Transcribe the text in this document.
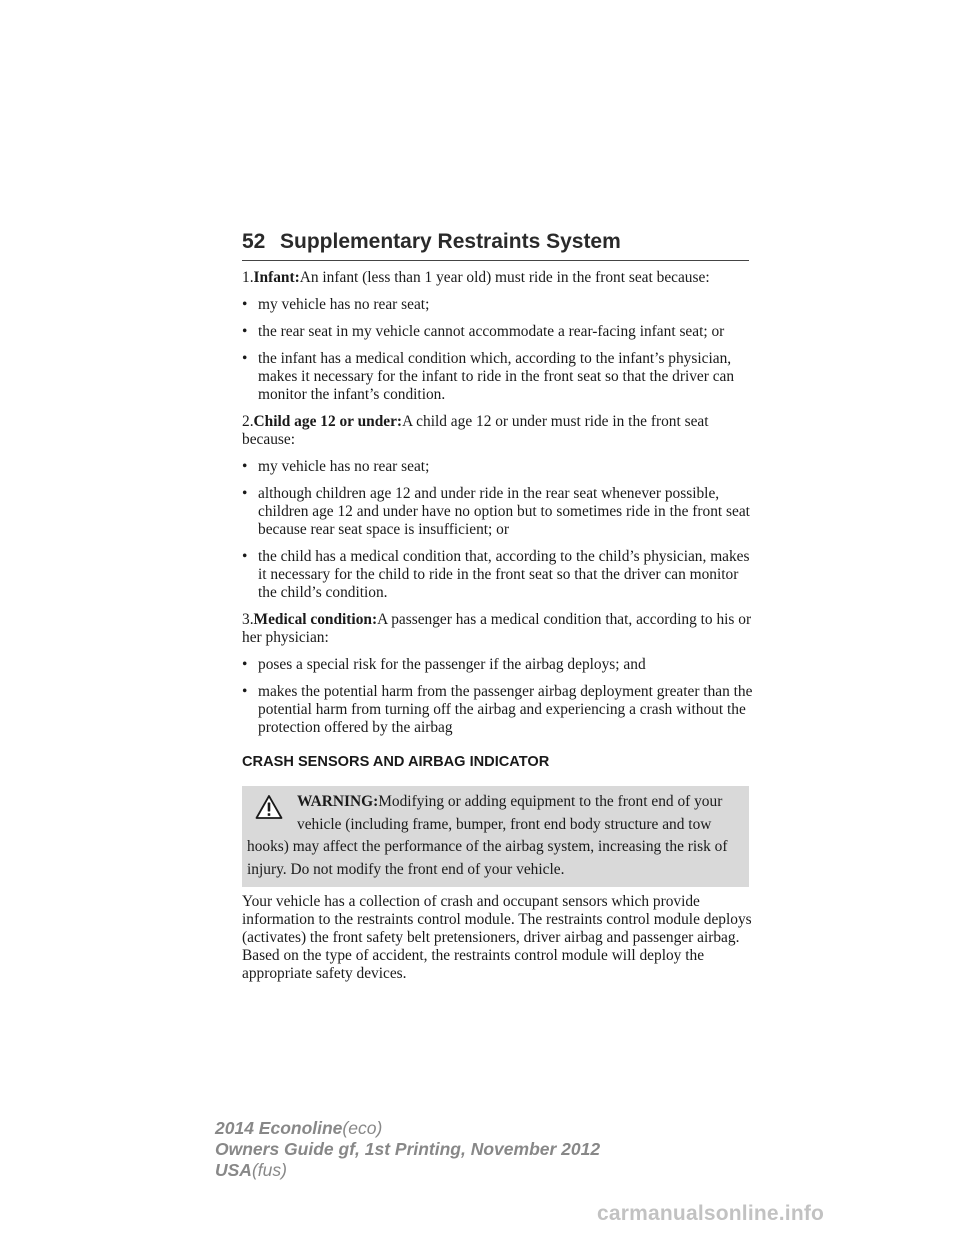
52 Supplementary Restraints System

1.Infant:An infant (less than 1 year old) must ride in the front seat because:

• my vehicle has no rear seat;
• the rear seat in my vehicle cannot accommodate a rear-facing infant seat; or
• the infant has a medical condition which, according to the infant’s physician, makes it necessary for the infant to ride in the front seat so that the driver can monitor the infant’s condition.

2.Child age 12 or under:A child age 12 or under must ride in the front seat because:

• my vehicle has no rear seat;
• although children age 12 and under ride in the rear seat whenever possible, children age 12 and under have no option but to sometimes ride in the front seat because rear seat space is insufficient; or
• the child has a medical condition that, according to the child’s physician, makes it necessary for the child to ride in the front seat so that the driver can monitor the child’s condition.

3.Medical condition:A passenger has a medical condition that, according to his or her physician:

• poses a special risk for the passenger if the airbag deploys; and
• makes the potential harm from the passenger airbag deployment greater than the potential harm from turning off the airbag and experiencing a crash without the protection offered by the airbag
CRASH SENSORS AND AIRBAG INDICATOR

WARNING:Modifying or adding equipment to the front end of your vehicle (including frame, bumper, front end body structure and tow hooks) may affect the performance of the airbag system, increasing the risk of injury. Do not modify the front end of your vehicle.

Your vehicle has a collection of crash and occupant sensors which provide information to the restraints control module. The restraints control module deploys (activates) the front safety belt pretensioners, driver airbag and passenger airbag. Based on the type of accident, the restraints control module will deploy the appropriate safety devices.

2014 Econoline(eco)
Owners Guide gf, 1st Printing, November 2012
USA(fus)
carmanualsonline.info
